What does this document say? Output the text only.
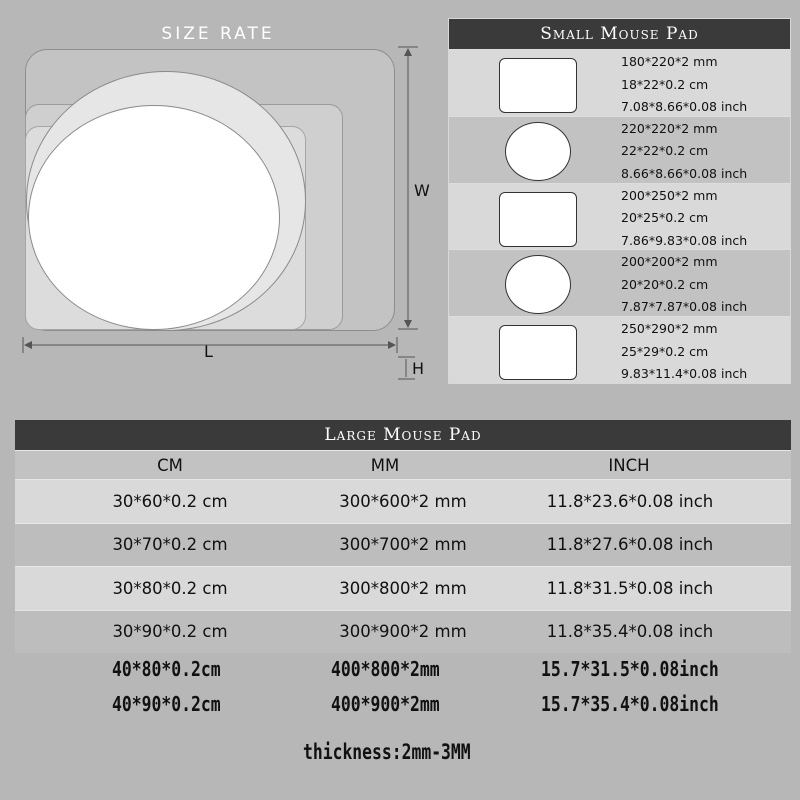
SIZE RATE
W
L
H
Small Mouse Pad
180*220*2 mm
18*22*0.2 cm
7.08*8.66*0.08 inch
220*220*2 mm
22*22*0.2 cm
8.66*8.66*0.08 inch
200*250*2 mm
20*25*0.2 cm
7.86*9.83*0.08 inch
200*200*2 mm
20*20*0.2 cm
7.87*7.87*0.08 inch
250*290*2 mm
25*29*0.2 cm
9.83*11.4*0.08 inch
Large Mouse Pad
CM	MM	INCH
30*60*0.2 cm	300*600*2 mm	11.8*23.6*0.08 inch
30*70*0.2 cm	300*700*2 mm	11.8*27.6*0.08 inch
30*80*0.2 cm	300*800*2 mm	11.8*31.5*0.08 inch
30*90*0.2 cm	300*900*2 mm	11.8*35.4*0.08 inch
40*80*0.2cm	400*800*2mm	15.7*31.5*0.08inch
40*90*0.2cm	400*900*2mm	15.7*35.4*0.08inch
thickness:2mm-3MM
